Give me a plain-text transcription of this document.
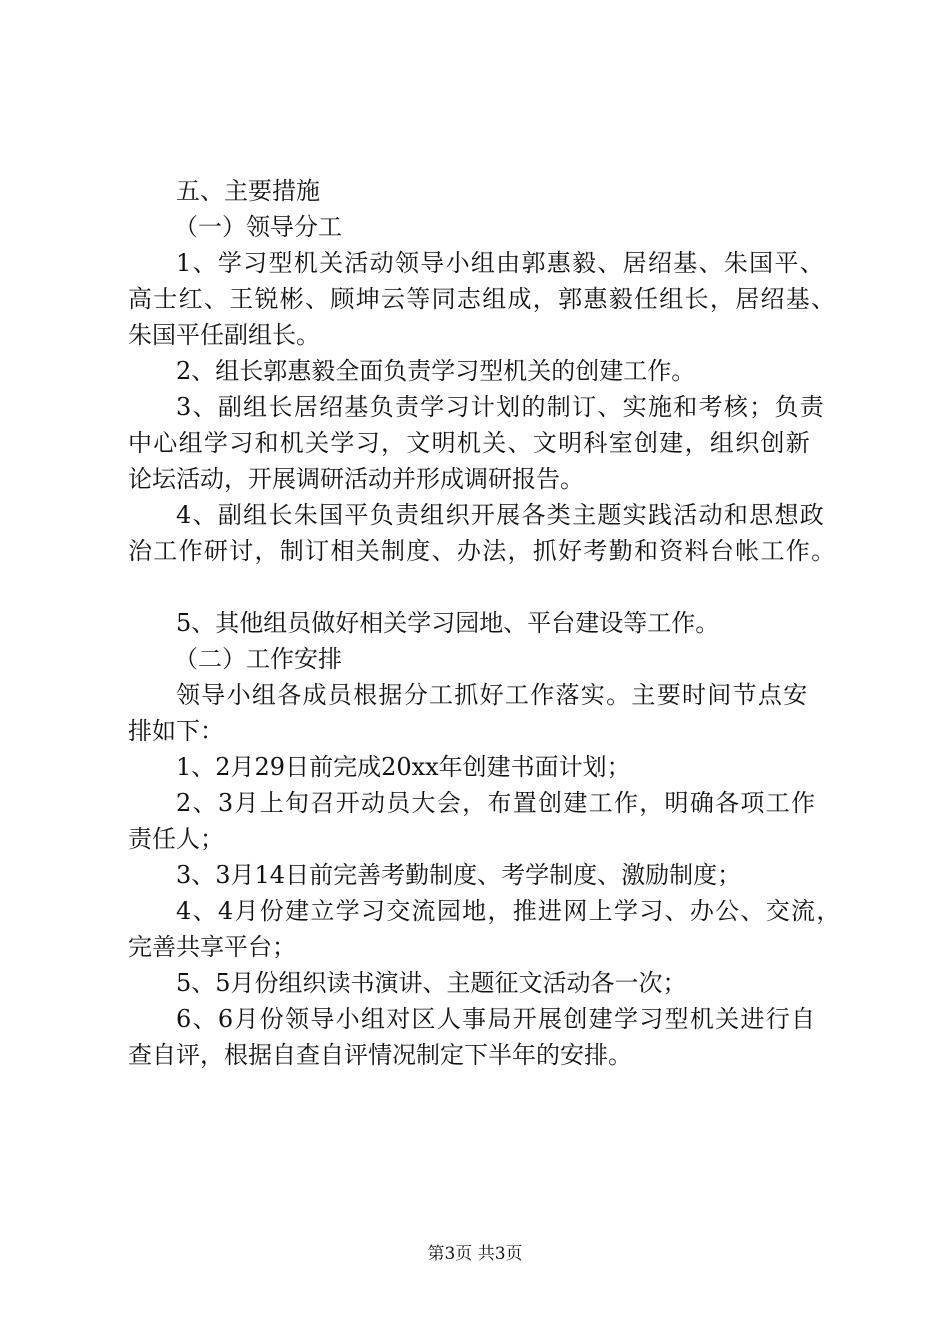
五、主要措施
（一）领导分工
1、学习型机关活动领导小组由郭惠毅、居绍基、朱国平、
高士红、王锐彬、顾坤云等同志组成，郭惠毅任组长，居绍基、
朱国平任副组长。
2、组长郭惠毅全面负责学习型机关的创建工作。
3、副组长居绍基负责学习计划的制订、实施和考核；负责
中心组学习和机关学习，文明机关、文明科室创建，组织创新
论坛活动，开展调研活动并形成调研报告。
4、副组长朱国平负责组织开展各类主题实践活动和思想政
治工作研讨，制订相关制度、办法，抓好考勤和资料台帐工作。
5、其他组员做好相关学习园地、平台建设等工作。
（二）工作安排
领导小组各成员根据分工抓好工作落实。主要时间节点安
排如下：
1、2月29日前完成20xx年创建书面计划；
2、3月上旬召开动员大会，布置创建工作，明确各项工作
责任人；
3、3月14日前完善考勤制度、考学制度、激励制度；
4、4月份建立学习交流园地，推进网上学习、办公、交流，
完善共享平台；
5、5月份组织读书演讲、主题征文活动各一次；
6、6月份领导小组对区人事局开展创建学习型机关进行自
查自评，根据自查自评情况制定下半年的安排。
第3页 共3页
